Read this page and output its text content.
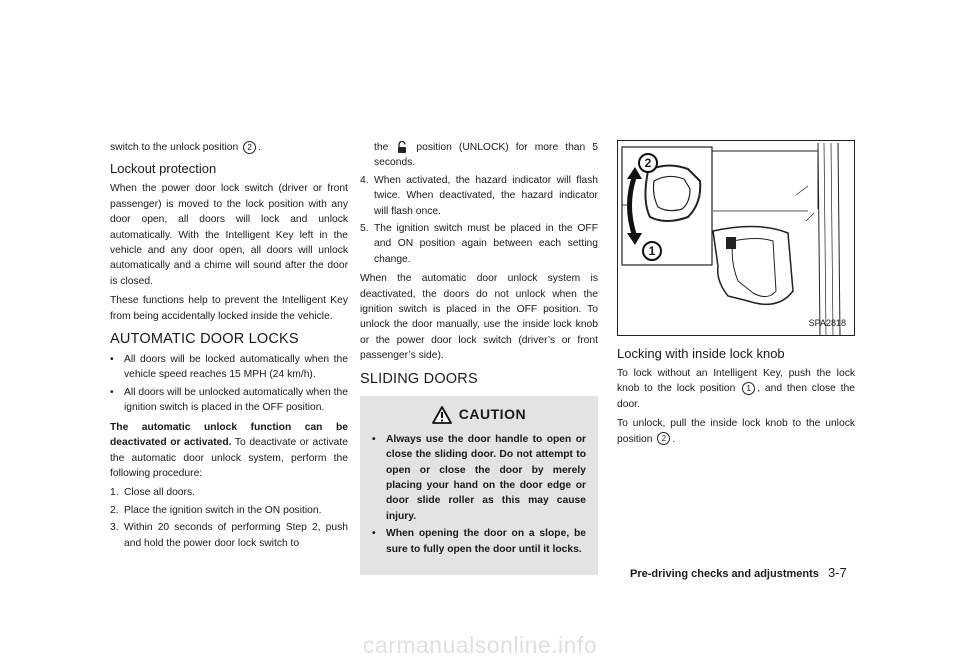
switch to the unlock position 2 .

Lockout protection

When the power door lock switch (driver or front passenger) is moved to the lock position with any door open, all doors will lock and unlock automatically. With the Intelligent Key left in the vehicle and any door open, all doors will unlock automatically and a chime will sound after the door is closed.

These functions help to prevent the Intelligent Key from being accidentally locked inside the vehicle.

AUTOMATIC DOOR LOCKS
• All doors will be locked automatically when the vehicle speed reaches 15 MPH (24 km/h).
• All doors will be unlocked automatically when the ignition switch is placed in the OFF position.

The automatic unlock function can be deactivated or activated. To deactivate or activate the automatic door unlock system, perform the following procedure:

1. Close all doors.
2. Place the ignition switch in the ON position.
3. Within 20 seconds of performing Step 2, push and hold the power door lock switch to
the	position (UNLOCK) for more than 5 seconds.
4. When activated, the hazard indicator will flash twice. When deactivated, the hazard indicator will flash once.
5. The ignition switch must be placed in the OFF and ON position again between each setting change.

When the automatic door unlock system is deactivated, the doors do not unlock when the ignition switch is placed in the OFF position. To unlock the door manually, use the inside lock knob or the power door lock switch (driver’s or front passenger’s side).

SLIDING DOORS
CAUTION
• Always use the door handle to open or close the sliding door. Do not attempt to open or close the door by merely placing your hand on the door edge or door slide roller as this may cause injury.
• When opening the door on a slope, be sure to fully open the door until it locks.
2
1
SPA2818
Locking with inside lock knob

To lock without an Intelligent Key, push the lock knob to the lock position 1 , and then close the door.

To unlock, pull the inside lock knob to the unlock position 2 .

Pre-driving checks and adjustments 3-7
carmanualsonline.info
